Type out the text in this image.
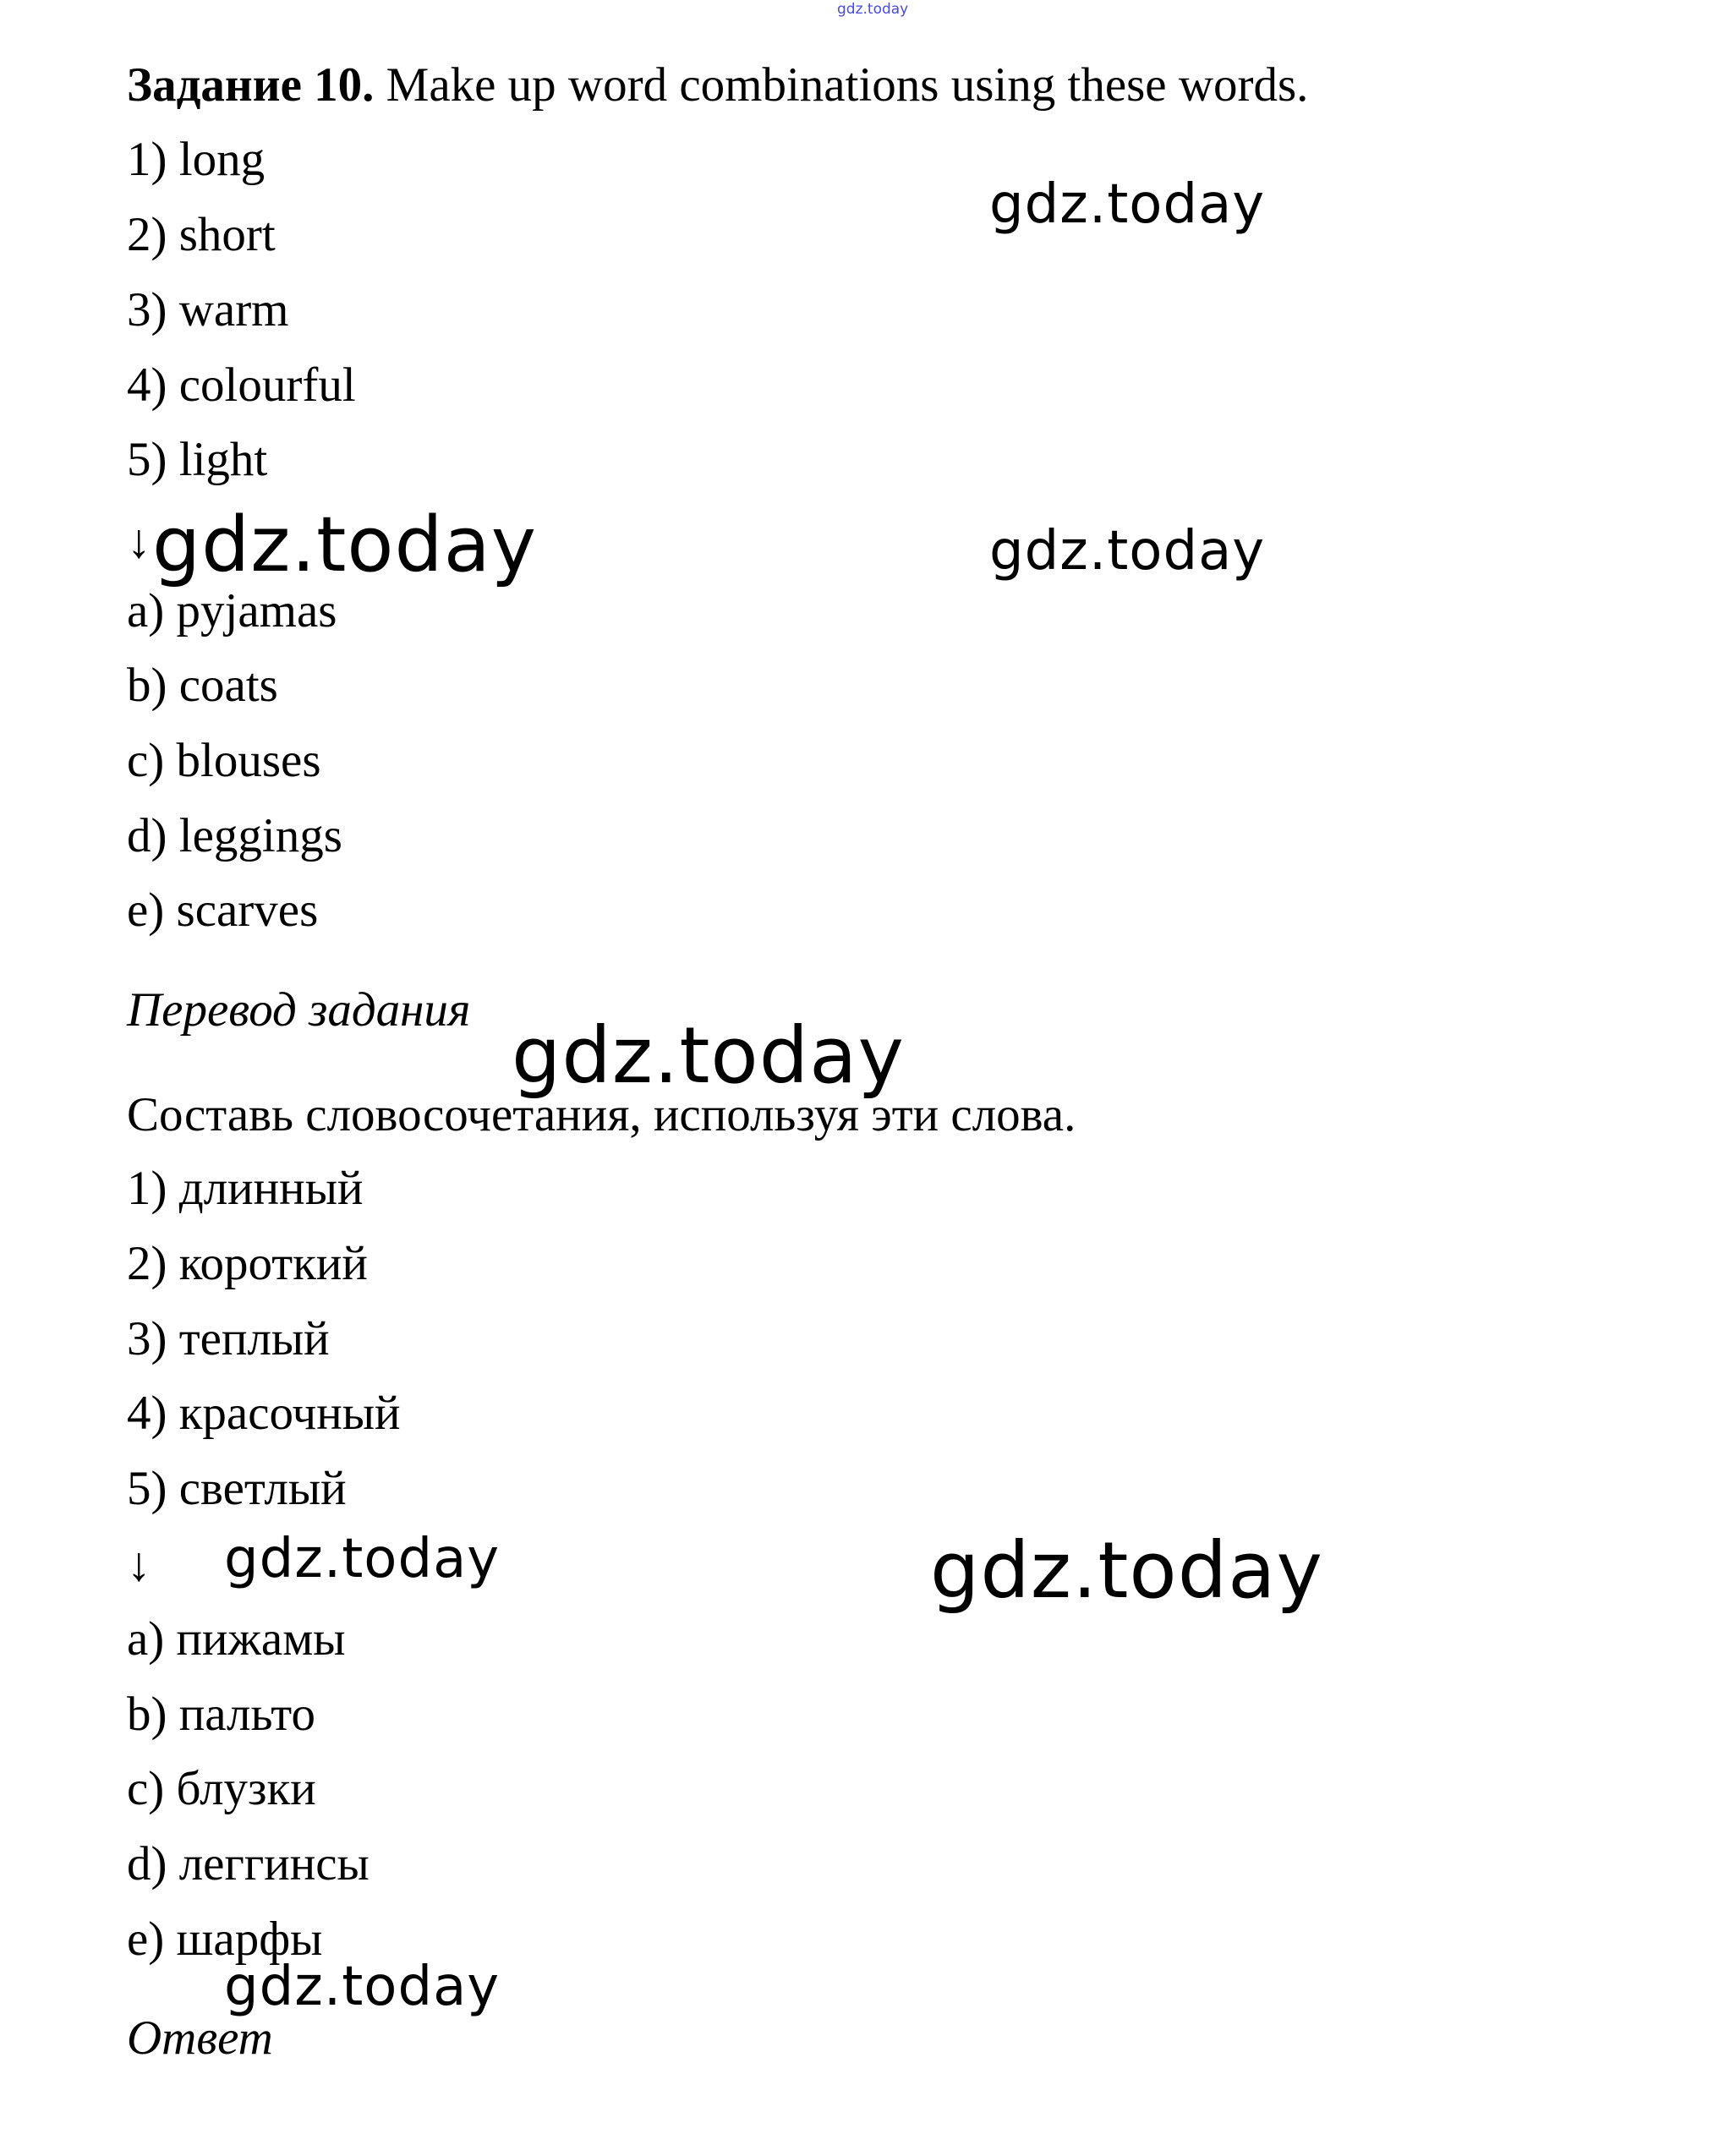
gdz.today
Задание 10. Make up word combinations using these words.
1) long
2) short
3) warm
4) colourful
5) light
↓
a) pyjamas
b) coats
c) blouses
d) leggings
e) scarves
Перевод задания
Составь словосочетания, используя эти слова.
1) длинный
2) короткий
3) теплый
4) красочный
5) светлый
↓
a) пижамы
b) пальто
c) блузки
d) леггинсы
e) шарфы
Ответ
gdz.today
gdz.today	gdz.today
gdz.today
gdz.today	gdz.today
gdz.today
